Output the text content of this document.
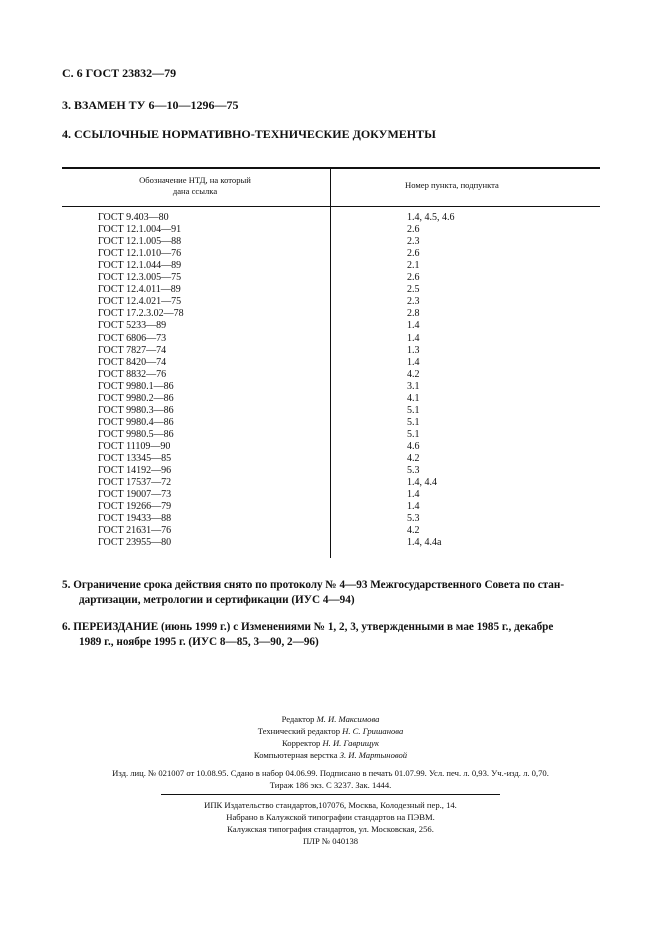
С. 6 ГОСТ 23832—79
3. ВЗАМЕН ТУ 6—10—1296—75
4. ССЫЛОЧНЫЕ НОРМАТИВНО-ТЕХНИЧЕСКИЕ ДОКУМЕНТЫ
Обозначение НТД, на который
дана ссылка
Номер пункта, подпункта
ГОСТ 9.403—80	1.4, 4.5, 4.6
ГОСТ 12.1.004—91	2.6
ГОСТ 12.1.005—88	2.3
ГОСТ 12.1.010—76	2.6
ГОСТ 12.1.044—89	2.1
ГОСТ 12.3.005—75	2.6
ГОСТ 12.4.011—89	2.5
ГОСТ 12.4.021—75	2.3
ГОСТ 17.2.3.02—78	2.8
ГОСТ 5233—89	1.4
ГОСТ 6806—73	1.4
ГОСТ 7827—74	1.3
ГОСТ 8420—74	1.4
ГОСТ 8832—76	4.2
ГОСТ 9980.1—86	3.1
ГОСТ 9980.2—86	4.1
ГОСТ 9980.3—86	5.1
ГОСТ 9980.4—86	5.1
ГОСТ 9980.5—86	5.1
ГОСТ 11109—90	4.6
ГОСТ 13345—85	4.2
ГОСТ 14192—96	5.3
ГОСТ 17537—72	1.4, 4.4
ГОСТ 19007—73	1.4
ГОСТ 19266—79	1.4
ГОСТ 19433—88	5.3
ГОСТ 21631—76	4.2
ГОСТ 23955—80	1.4, 4.4а
5. Ограничение срока действия снято по протоколу № 4—93 Межгосударственного Совета по стан-
дартизации, метрологии и сертификации (ИУС 4—94)
6. ПЕРЕИЗДАНИЕ (июнь 1999 г.) с Изменениями № 1, 2, 3, утвержденными в мае 1985 г., декабре
1989 г., ноябре 1995 г. (ИУС 8—85, 3—90, 2—96)
Редактор М. И. Максимова
Технический редактор Н. С. Гришанова
Корректор Н. И. Гаврищук
Компьютерная верстка З. И. Мартыновой
Изд. лиц. № 021007 от 10.08.95. Сдано в набор 04.06.99. Подписано в печать 01.07.99. Усл. печ. л. 0,93. Уч.-изд. л. 0,70.
Тираж 186 экз. С 3237. Зак. 1444.
ИПК Издательство стандартов,107076, Москва, Колодезный пер., 14.
Набрано в Калужской типографии стандартов на ПЭВМ.
Калужская типография стандартов, ул. Московская, 256.
ПЛР № 040138
